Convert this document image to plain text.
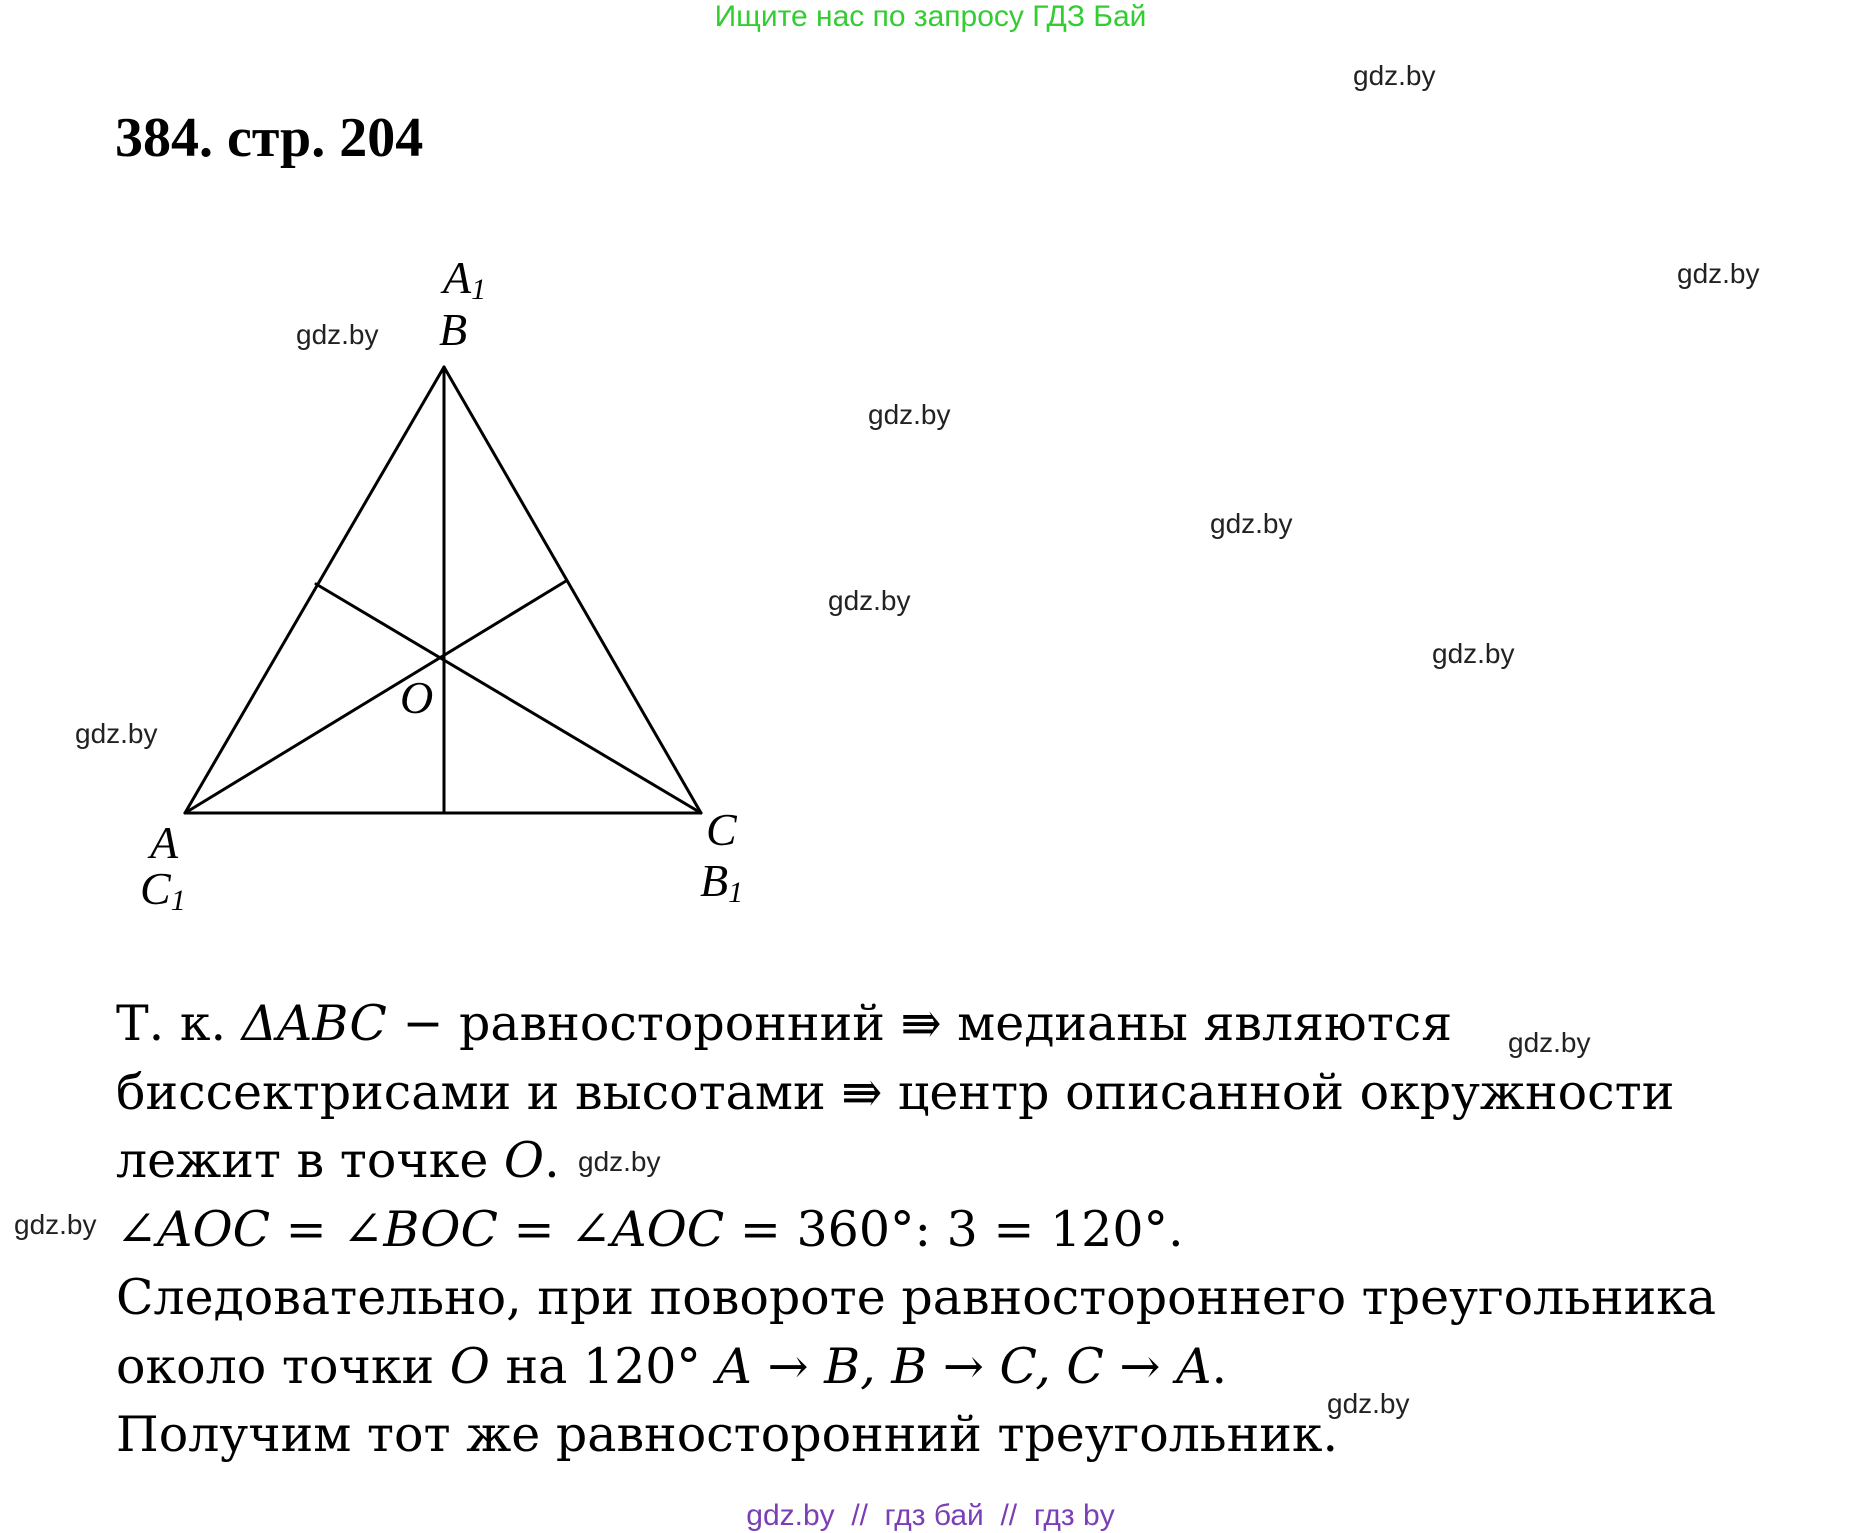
Ищите нас по запросу ГДЗ Бай
384. стр. 204
gdz.by
gdz.by
gdz.by
gdz.by
gdz.by
gdz.by
gdz.by
gdz.by
gdz.by
gdz.by
gdz.by
gdz.by
A1
B
O
A
C1
C
B1
Т. к. ΔABC − равносторонний ⇛ медианы являются
биссектрисами и высотами ⇛ центр описанной окружности
лежит в точке O.
∠AOC = ∠BOC = ∠AOC = 360°: 3 = 120°.
Следовательно, при повороте равностороннего треугольника
около точки O на 120° A → B, B → C, C → A.
Получим тот же равносторонний треугольник.
gdz.by  //  гдз бай  //  гдз by
